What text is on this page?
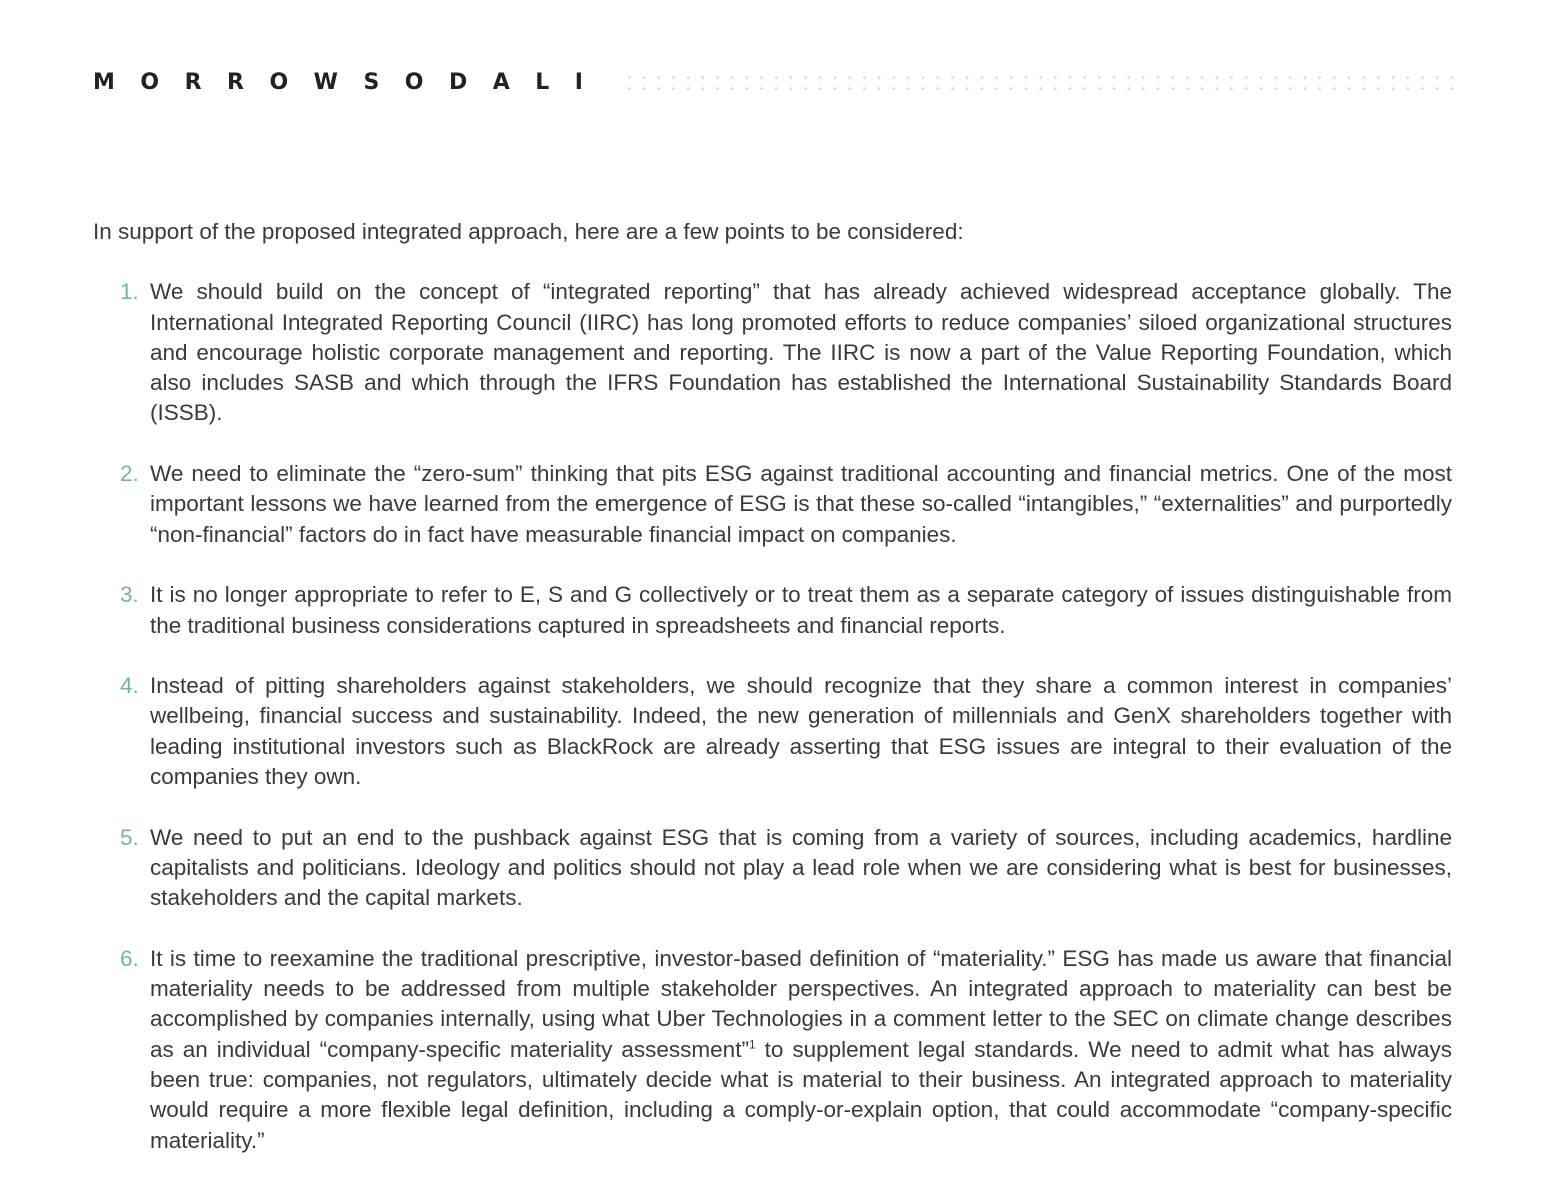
MORROWSODALI

In support of the proposed integrated approach, here are a few points to be considered:

1. We should build on the concept of “integrated reporting” that has already achieved widespread acceptance globally. The International Integrated Reporting Council (IIRC) has long promoted efforts to reduce companies’ siloed organizational structures and encourage holistic corporate management and reporting. The IIRC is now a part of the Value Reporting Foundation, which also includes SASB and which through the IFRS Foundation has established the International Sustainability Standards Board (ISSB).
2. We need to eliminate the “zero-sum” thinking that pits ESG against traditional accounting and financial metrics. One of the most important lessons we have learned from the emergence of ESG is that these so-called “intangibles,” “externalities” and purportedly “non-financial” factors do in fact have measurable financial impact on companies.
3. It is no longer appropriate to refer to E, S and G collectively or to treat them as a separate category of issues distinguishable from the traditional business considerations captured in spreadsheets and financial reports.
4. Instead of pitting shareholders against stakeholders, we should recognize that they share a common interest in companies’ wellbeing, financial success and sustainability. Indeed, the new generation of millennials and GenX shareholders together with leading institutional investors such as BlackRock are already asserting that ESG issues are integral to their evaluation of the companies they own.
5. We need to put an end to the pushback against ESG that is coming from a variety of sources, including academics, hardline capitalists and politicians. Ideology and politics should not play a lead role when we are considering what is best for businesses, stakeholders and the capital markets.
6. It is time to reexamine the traditional prescriptive, investor-based definition of “materiality.” ESG has made us aware that financial materiality needs to be addressed from multiple stakeholder perspectives. An integrated approach to materiality can best be accomplished by companies internally, using what Uber Technologies in a comment letter to the SEC on climate change describes as an individual “company-specific materiality assessment”$^1$ to supplement legal standards. We need to admit what has always been true: companies, not regulators, ultimately decide what is material to their business. An integrated approach to materiality would require a more flexible legal definition, including a comply-or-explain option, that could accommodate “company-specific materiality.”
